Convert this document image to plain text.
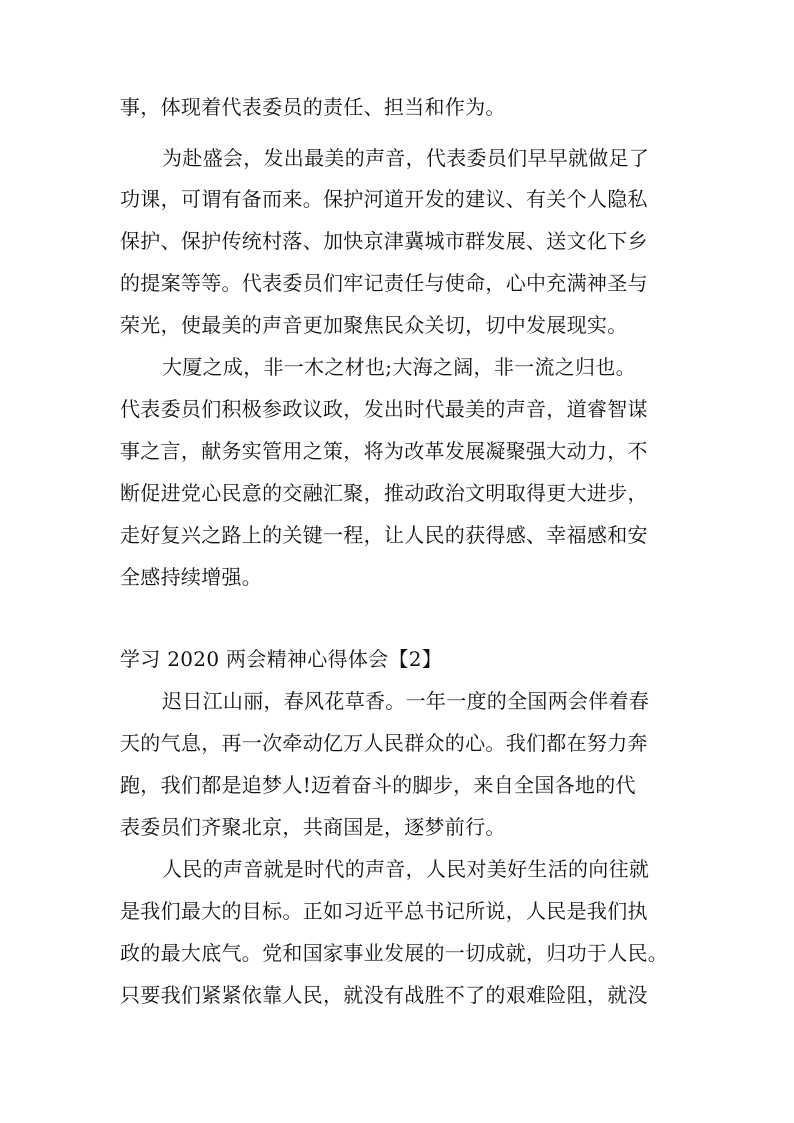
事，体现着代表委员的责任、担当和作为。
为赴盛会，发出最美的声音，代表委员们早早就做足了
功课，可谓有备而来。保护河道开发的建议、有关个人隐私
保护、保护传统村落、加快京津冀城市群发展、送文化下乡
的提案等等。代表委员们牢记责任与使命，心中充满神圣与
荣光，使最美的声音更加聚焦民众关切，切中发展现实。
大厦之成，非一木之材也;大海之阔，非一流之归也。
代表委员们积极参政议政，发出时代最美的声音，道睿智谋
事之言，献务实管用之策，将为改革发展凝聚强大动力，不
断促进党心民意的交融汇聚，推动政治文明取得更大进步，
走好复兴之路上的关键一程，让人民的获得感、幸福感和安
全感持续增强。
学习 2020 两会精神心得体会【2】
迟日江山丽，春风花草香。一年一度的全国两会伴着春
天的气息，再一次牵动亿万人民群众的心。我们都在努力奔
跑，我们都是追梦人!迈着奋斗的脚步，来自全国各地的代
表委员们齐聚北京，共商国是，逐梦前行。
人民的声音就是时代的声音，人民对美好生活的向往就
是我们最大的目标。正如习近平总书记所说，人民是我们执
政的最大底气。党和国家事业发展的一切成就，归功于人民。
只要我们紧紧依靠人民，就没有战胜不了的艰难险阻，就没
